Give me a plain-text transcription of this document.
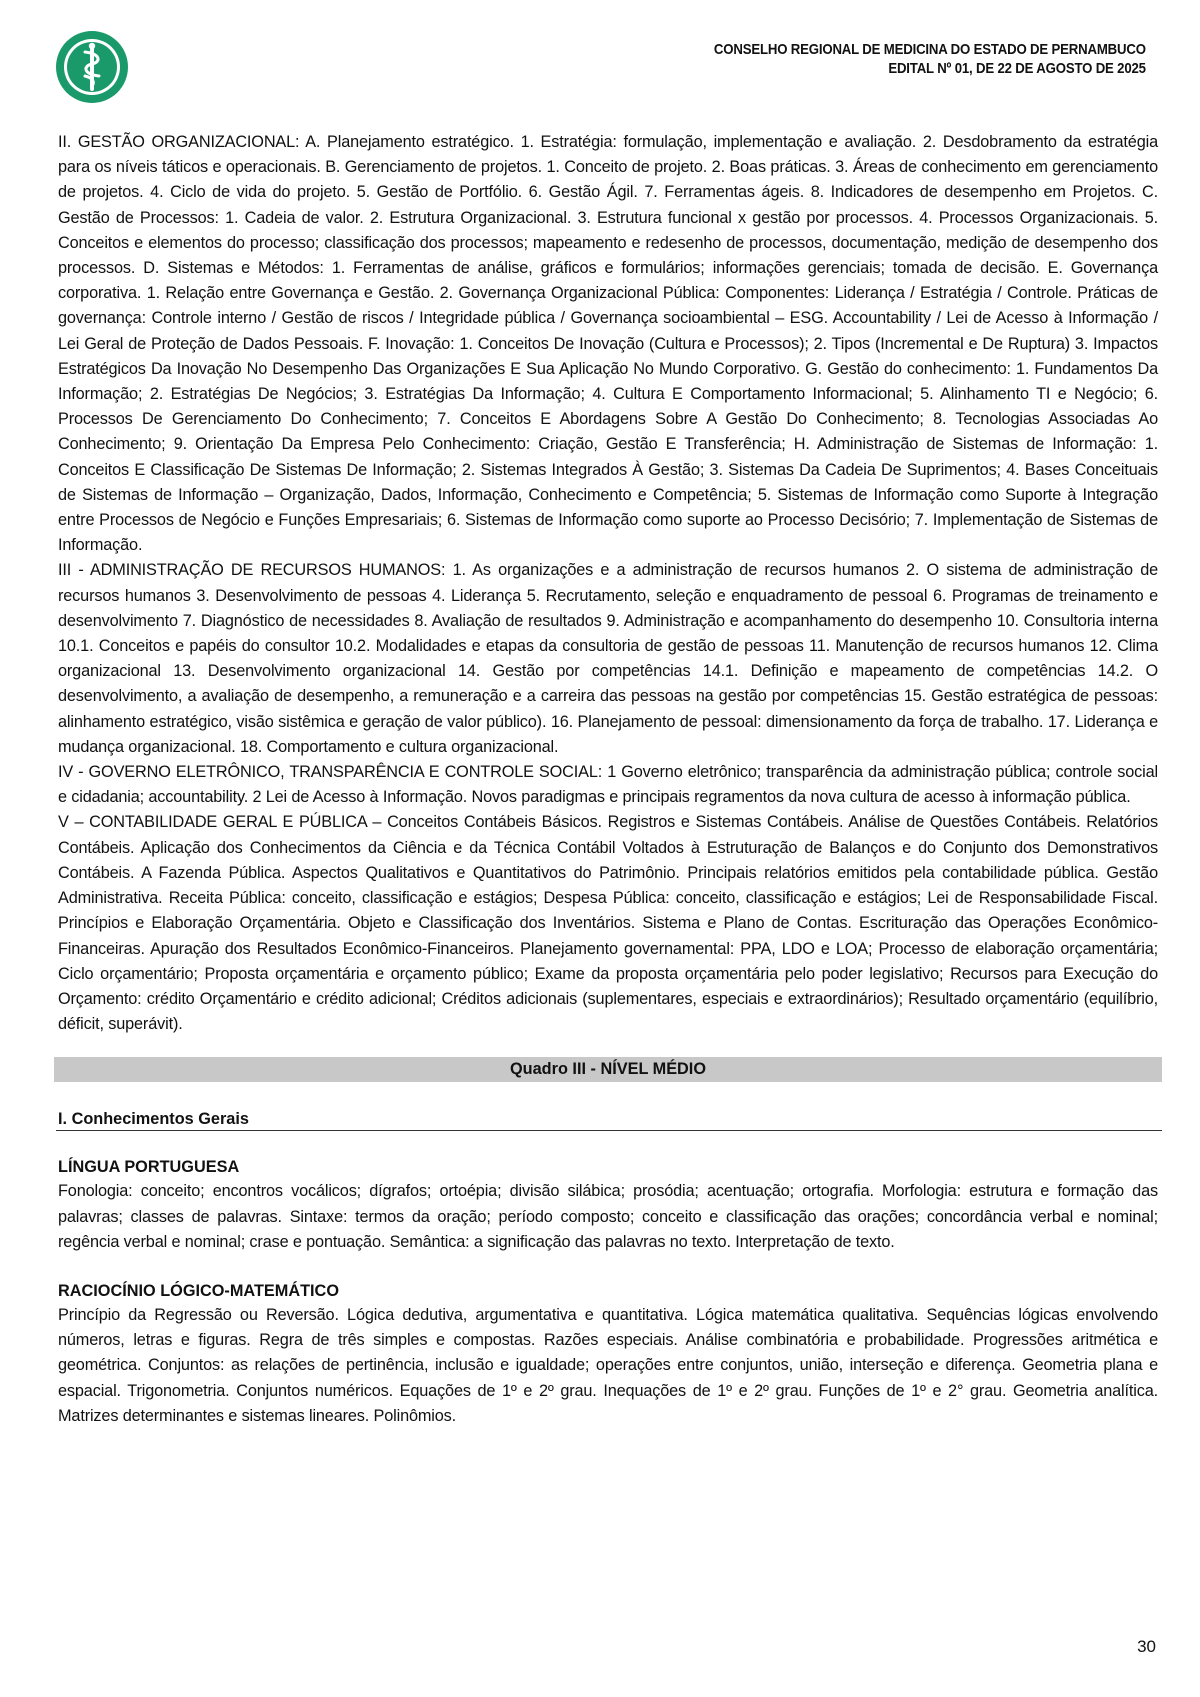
CONSELHO REGIONAL DE MEDICINA DO ESTADO DE PERNAMBUCO
EDITAL Nº 01, DE 22 DE AGOSTO DE 2025

II. GESTÃO ORGANIZACIONAL: A. Planejamento estratégico. 1. Estratégia: formulação, implementação e avaliação. 2. Desdobramento da estratégia para os níveis táticos e operacionais. B. Gerenciamento de projetos. 1. Conceito de projeto. 2. Boas práticas. 3. Áreas de conhecimento em gerenciamento de projetos. 4. Ciclo de vida do projeto. 5. Gestão de Portfólio. 6. Gestão Ágil. 7. Ferramentas ágeis. 8. Indicadores de desempenho em Projetos. C. Gestão de Processos: 1. Cadeia de valor. 2. Estrutura Organizacional. 3. Estrutura funcional x gestão por processos. 4. Processos Organizacionais. 5. Conceitos e elementos do processo; classificação dos processos; mapeamento e redesenho de processos, documentação, medição de desempenho dos processos. D. Sistemas e Métodos: 1. Ferramentas de análise, gráficos e formulários; informações gerenciais; tomada de decisão. E. Governança corporativa. 1. Relação entre Governança e Gestão. 2. Governança Organizacional Pública: Componentes: Liderança / Estratégia / Controle. Práticas de governança: Controle interno / Gestão de riscos / Integridade pública / Governança socioambiental – ESG. Accountability / Lei de Acesso à Informação / Lei Geral de Proteção de Dados Pessoais. F. Inovação: 1. Conceitos De Inovação (Cultura e Processos); 2. Tipos (Incremental e De Ruptura) 3. Impactos Estratégicos Da Inovação No Desempenho Das Organizações E Sua Aplicação No Mundo Corporativo. G. Gestão do conhecimento: 1. Fundamentos Da Informação; 2. Estratégias De Negócios; 3. Estratégias Da Informação; 4. Cultura E Comportamento Informacional; 5. Alinhamento TI e Negócio; 6. Processos De Gerenciamento Do Conhecimento; 7. Conceitos E Abordagens Sobre A Gestão Do Conhecimento; 8. Tecnologias Associadas Ao Conhecimento; 9. Orientação Da Empresa Pelo Conhecimento: Criação, Gestão E Transferência; H. Administração de Sistemas de Informação: 1. Conceitos E Classificação De Sistemas De Informação; 2. Sistemas Integrados À Gestão; 3. Sistemas Da Cadeia De Suprimentos; 4. Bases Conceituais de Sistemas de Informação – Organização, Dados, Informação, Conhecimento e Competência; 5. Sistemas de Informação como Suporte à Integração entre Processos de Negócio e Funções Empresariais; 6. Sistemas de Informação como suporte ao Processo Decisório; 7. Implementação de Sistemas de Informação.

III - ADMINISTRAÇÃO DE RECURSOS HUMANOS: 1. As organizações e a administração de recursos humanos 2. O sistema de administração de recursos humanos 3. Desenvolvimento de pessoas 4. Liderança 5. Recrutamento, seleção e enquadramento de pessoal 6. Programas de treinamento e desenvolvimento 7. Diagnóstico de necessidades 8. Avaliação de resultados 9. Administração e acompanhamento do desempenho 10. Consultoria interna 10.1. Conceitos e papéis do consultor 10.2. Modalidades e etapas da consultoria de gestão de pessoas 11. Manutenção de recursos humanos 12. Clima organizacional 13. Desenvolvimento organizacional 14. Gestão por competências 14.1. Definição e mapeamento de competências 14.2. O desenvolvimento, a avaliação de desempenho, a remuneração e a carreira das pessoas na gestão por competências 15. Gestão estratégica de pessoas: alinhamento estratégico, visão sistêmica e geração de valor público). 16. Planejamento de pessoal: dimensionamento da força de trabalho. 17. Liderança e mudança organizacional. 18. Comportamento e cultura organizacional.

IV - GOVERNO ELETRÔNICO, TRANSPARÊNCIA E CONTROLE SOCIAL: 1 Governo eletrônico; transparência da administração pública; controle social e cidadania; accountability. 2 Lei de Acesso à Informação. Novos paradigmas e principais regramentos da nova cultura de acesso à informação pública.

V – CONTABILIDADE GERAL E PÚBLICA – Conceitos Contábeis Básicos. Registros e Sistemas Contábeis. Análise de Questões Contábeis. Relatórios Contábeis. Aplicação dos Conhecimentos da Ciência e da Técnica Contábil Voltados à Estruturação de Balanços e do Conjunto dos Demonstrativos Contábeis. A Fazenda Pública. Aspectos Qualitativos e Quantitativos do Patrimônio. Principais relatórios emitidos pela contabilidade pública. Gestão Administrativa. Receita Pública: conceito, classificação e estágios; Despesa Pública: conceito, classificação e estágios; Lei de Responsabilidade Fiscal. Princípios e Elaboração Orçamentária. Objeto e Classificação dos Inventários. Sistema e Plano de Contas. Escrituração das Operações Econômico-Financeiras. Apuração dos Resultados Econômico-Financeiros. Planejamento governamental: PPA, LDO e LOA; Processo de elaboração orçamentária; Ciclo orçamentário; Proposta orçamentária e orçamento público; Exame da proposta orçamentária pelo poder legislativo; Recursos para Execução do Orçamento: crédito Orçamentário e crédito adicional; Créditos adicionais (suplementares, especiais e extraordinários); Resultado orçamentário (equilíbrio, déficit, superávit).

Quadro III - NÍVEL MÉDIO
I. Conhecimentos Gerais
LÍNGUA PORTUGUESA

Fonologia: conceito; encontros vocálicos; dígrafos; ortoépia; divisão silábica; prosódia; acentuação; ortografia. Morfologia: estrutura e formação das palavras; classes de palavras. Sintaxe: termos da oração; período composto; conceito e classificação das orações; concordância verbal e nominal; regência verbal e nominal; crase e pontuação. Semântica: a significação das palavras no texto. Interpretação de texto.

RACIOCÍNIO LÓGICO-MATEMÁTICO

Princípio da Regressão ou Reversão. Lógica dedutiva, argumentativa e quantitativa. Lógica matemática qualitativa. Sequências lógicas envolvendo números, letras e figuras. Regra de três simples e compostas. Razões especiais. Análise combinatória e probabilidade. Progressões aritmética e geométrica. Conjuntos: as relações de pertinência, inclusão e igualdade; operações entre conjuntos, união, interseção e diferença. Geometria plana e espacial. Trigonometria. Conjuntos numéricos. Equações de 1º e 2º grau. Inequações de 1º e 2º grau. Funções de 1º e 2° grau. Geometria analítica. Matrizes determinantes e sistemas lineares. Polinômios.

30
